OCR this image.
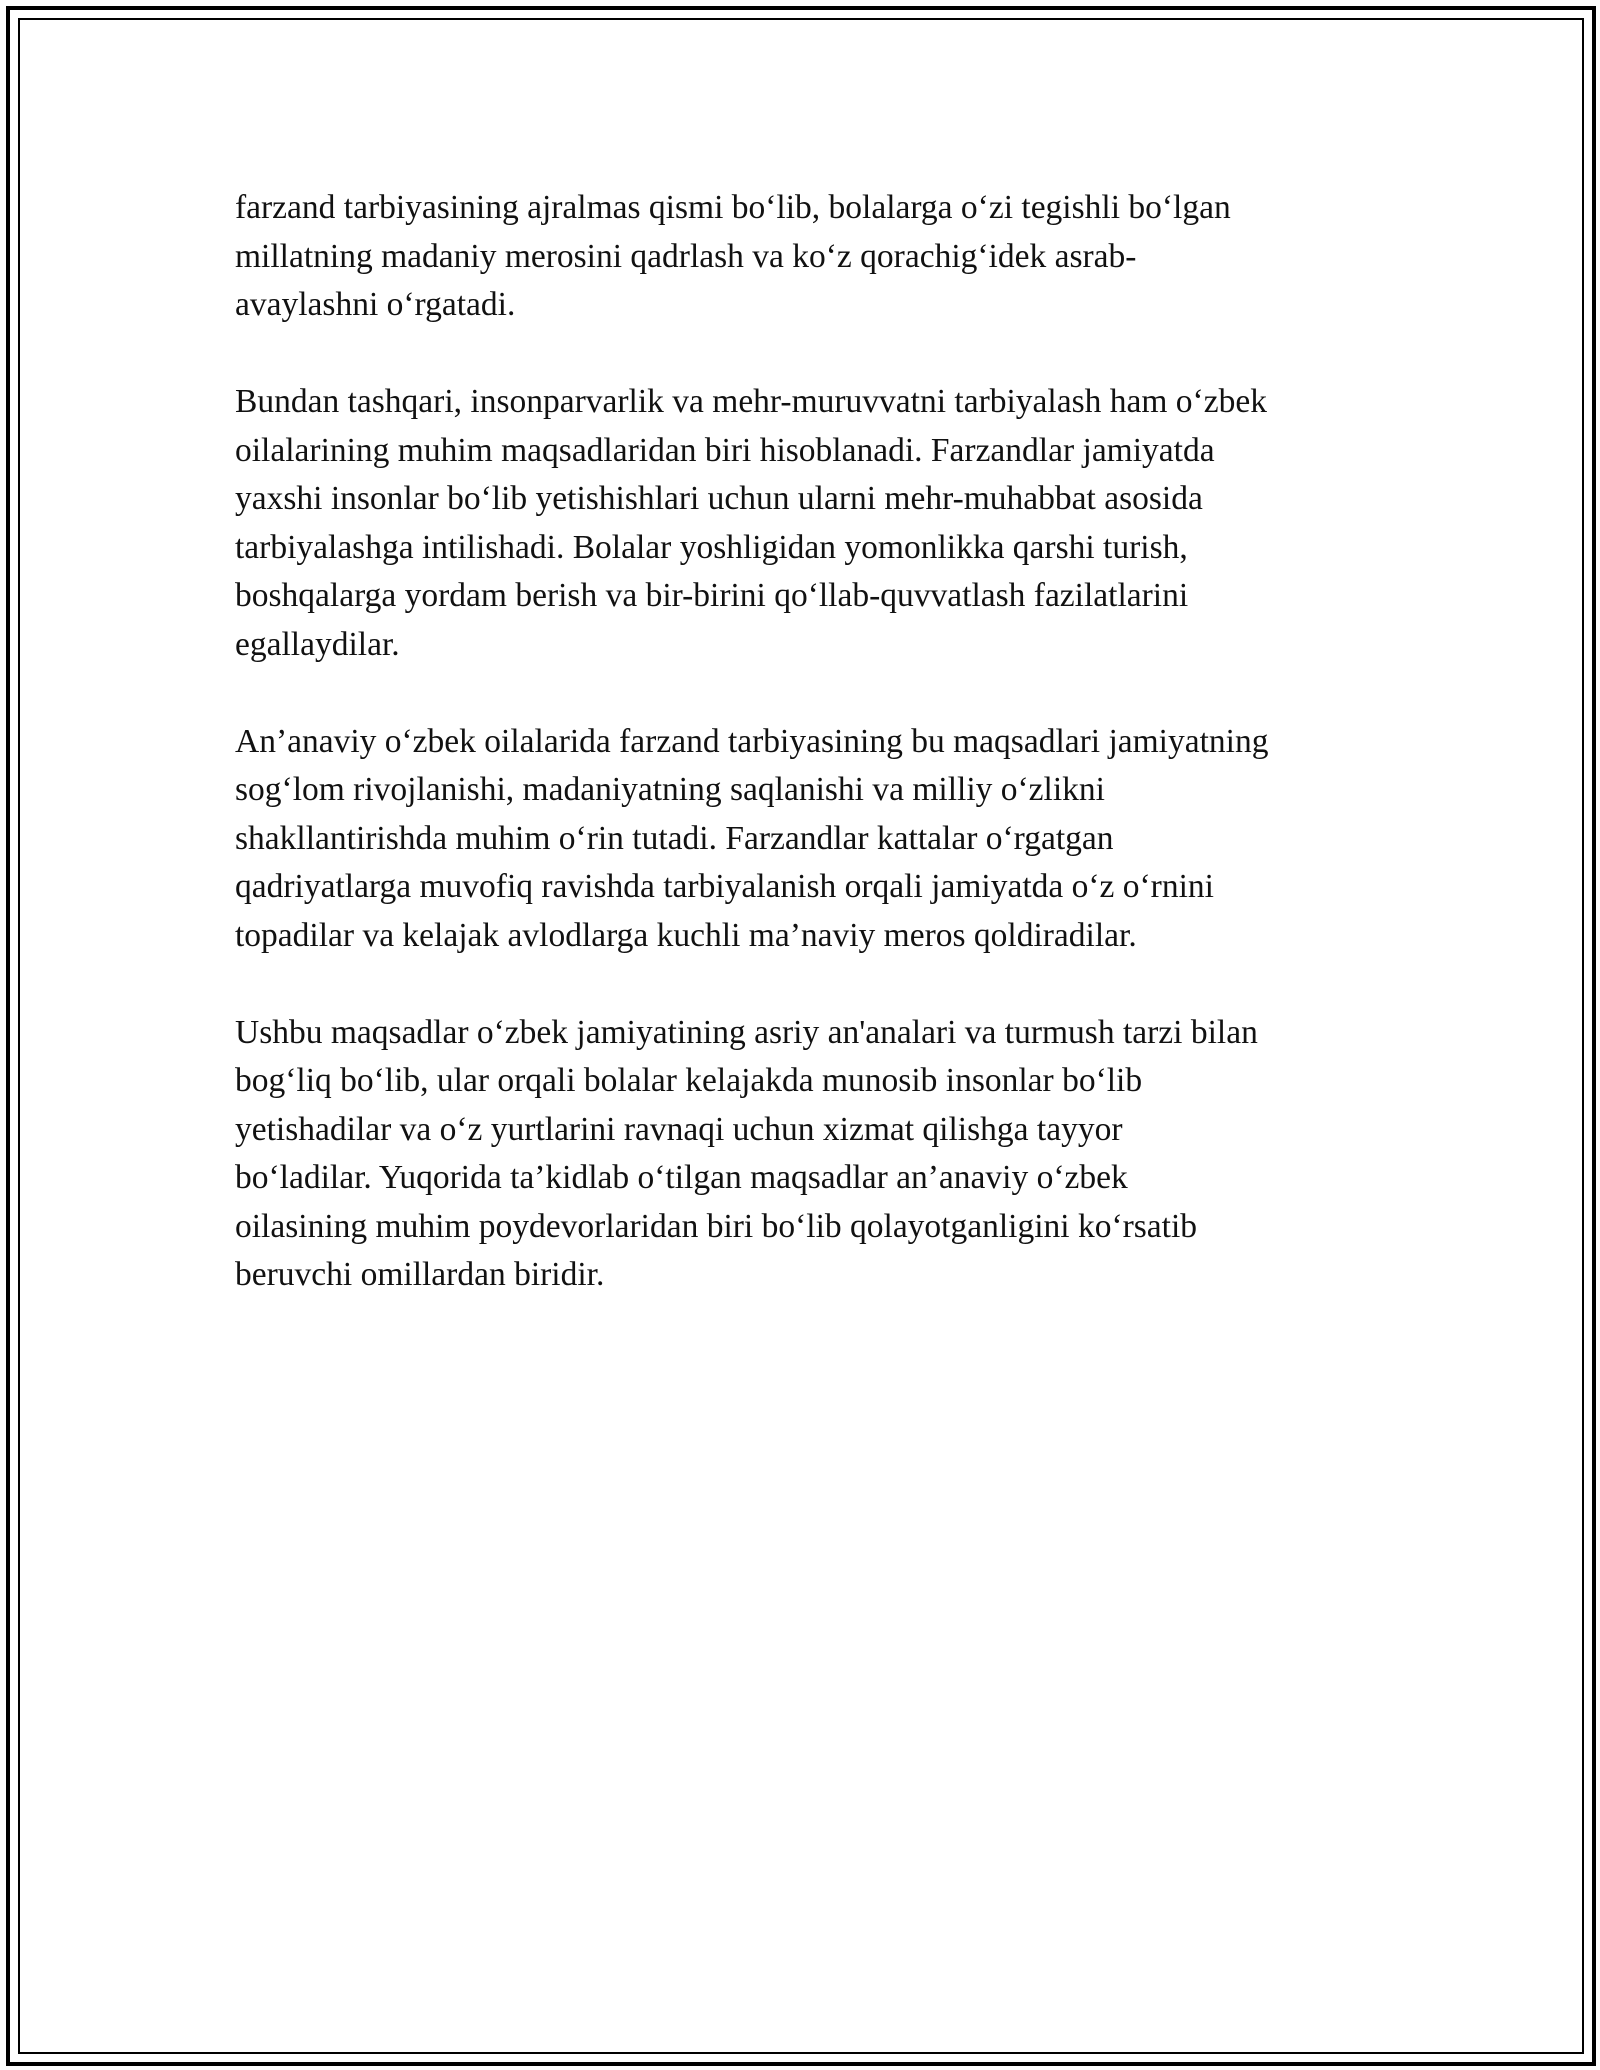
farzand tarbiyasining ajralmas qismi bo‘lib, bolalarga o‘zi tegishli bo‘lgan
millatning madaniy merosini qadrlash va ko‘z qorachig‘idek asrab-
avaylashni o‘rgatadi.

Bundan tashqari, insonparvarlik va mehr-muruvvatni tarbiyalash ham o‘zbek
oilalarining muhim maqsadlaridan biri hisoblanadi. Farzandlar jamiyatda
yaxshi insonlar bo‘lib yetishishlari uchun ularni mehr-muhabbat asosida
tarbiyalashga intilishadi. Bolalar yoshligidan yomonlikka qarshi turish,
boshqalarga yordam berish va bir-birini qo‘llab-quvvatlash fazilatlarini
egallaydilar.

An’anaviy o‘zbek oilalarida farzand tarbiyasining bu maqsadlari jamiyatning
sog‘lom rivojlanishi, madaniyatning saqlanishi va milliy o‘zlikni
shakllantirishda muhim o‘rin tutadi. Farzandlar kattalar o‘rgatgan
qadriyatlarga muvofiq ravishda tarbiyalanish orqali jamiyatda o‘z o‘rnini
topadilar va kelajak avlodlarga kuchli ma’naviy meros qoldiradilar.

Ushbu maqsadlar o‘zbek jamiyatining asriy an'analari va turmush tarzi bilan
bog‘liq bo‘lib, ular orqali bolalar kelajakda munosib insonlar bo‘lib
yetishadilar va o‘z yurtlarini ravnaqi uchun xizmat qilishga tayyor
bo‘ladilar. Yuqorida ta’kidlab o‘tilgan maqsadlar an’anaviy o‘zbek
oilasining muhim poydevorlaridan biri bo‘lib qolayotganligini ko‘rsatib
beruvchi omillardan biridir.
